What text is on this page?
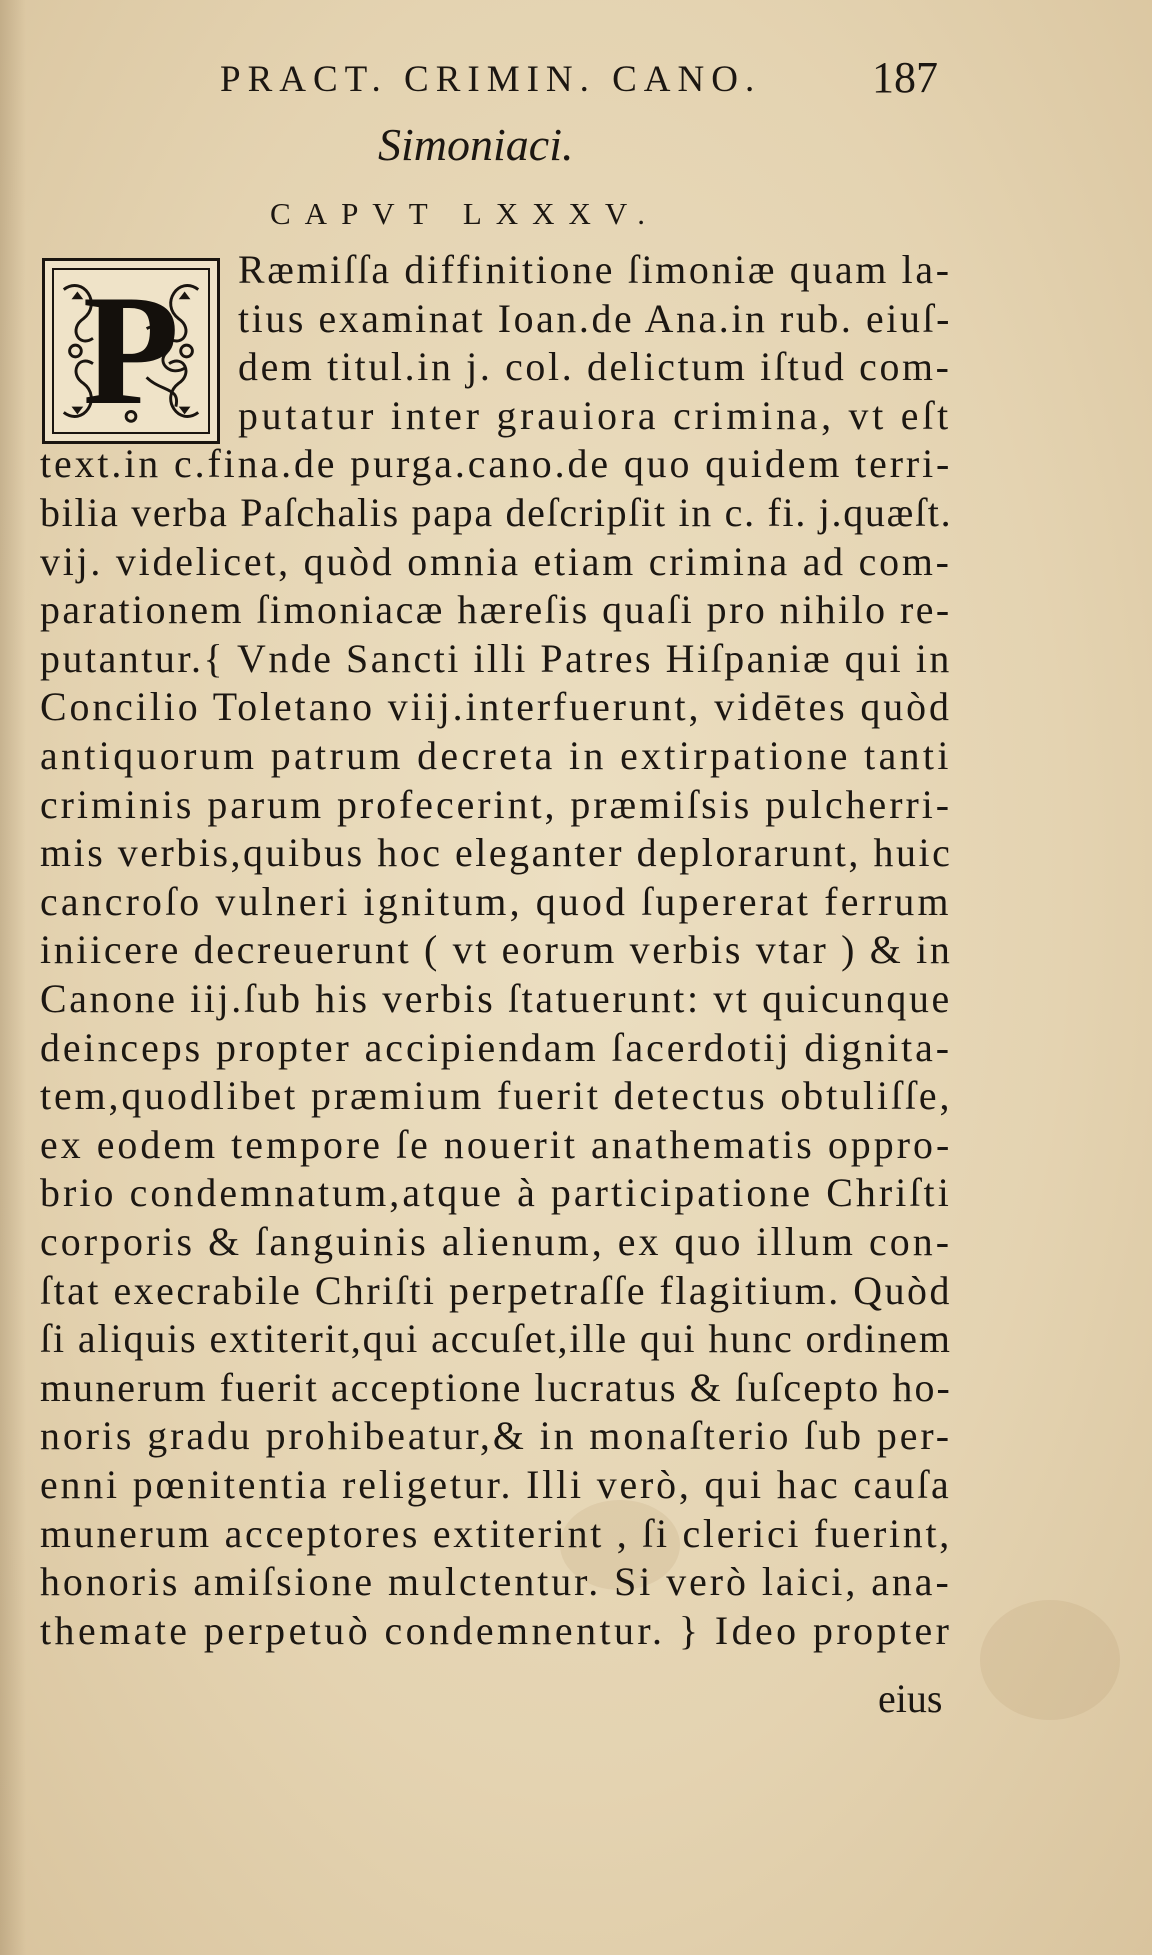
PRACT. CRIMIN. CANO.	187
Simoniaci.
CAPVT LXXXV.
P	Ræmiſſa diffinitione ſimoniæ quam la-
tius examinat Ioan.de Ana.in rub. eiuſ-
dem titul.in j. col. delictum iſtud com-
putatur inter grauiora crimina, vt eſt
text.in c.fina.de purga.cano.de quo quidem terri-
bilia verba Paſchalis papa deſcripſit in c. fi. j.quæſt.
vij. videlicet, quòd omnia etiam crimina ad com-
parationem ſimoniacæ hæreſis quaſi pro nihilo re-
putantur.{ Vnde Sancti illi Patres Hiſpaniæ qui in
Concilio Toletano viij.interfuerunt, vidētes quòd
antiquorum patrum decreta in extirpatione tanti
criminis parum profecerint, præmiſsis pulcherri-
mis verbis,quibus hoc eleganter deplorarunt, huic
cancroſo vulneri ignitum, quod ſupererat ferrum
iniicere decreuerunt ( vt eorum verbis vtar ) & in
Canone iij.ſub his verbis ſtatuerunt: vt quicunque
deinceps propter accipiendam ſacerdotij dignita-
tem,quodlibet præmium fuerit detectus obtuliſſe,
ex eodem tempore ſe nouerit anathematis oppro-
brio condemnatum,atque à participatione Chriſti
corporis & ſanguinis alienum, ex quo illum con-
ſtat execrabile Chriſti perpetraſſe flagitium. Quòd
ſi aliquis extiterit,qui accuſet,ille qui hunc ordinem
munerum fuerit acceptione lucratus & ſuſcepto ho-
noris gradu prohibeatur,& in monaſterio ſub per-
enni pœnitentia religetur. Illi verò, qui hac cauſa
munerum acceptores extiterint , ſi clerici fuerint,
honoris amiſsione mulctentur. Si verò laici, ana-
themate perpetuò condemnentur. } Ideo propter
eius
